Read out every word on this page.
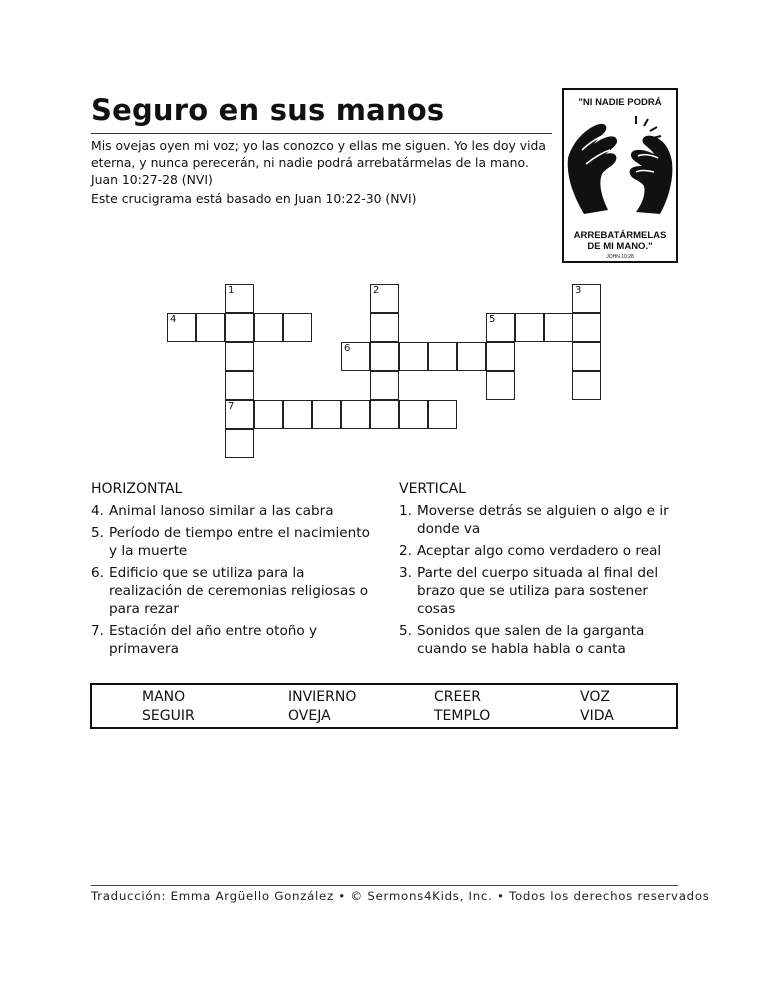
Seguro en sus manos

Mis ovejas oyen mi voz; yo las conozco y ellas me siguen. Yo les doy vida

eterna, y nunca perecerán, ni nadie podrá arrebatármelas de la mano.

Juan 10:27-28 (NVI)

Este crucigrama está basado en Juan 10:22-30 (NVI)

"NI NADIE PODRÁ
ARREBATÁRMELAS
DE MI MANO."
JOHN 10:28
1	2	3
4	5
6
7
HORIZONTAL
4. Animal lanoso similar a las cabra
5. Período de tiempo entre el nacimiento y la muerte
6. Edificio que se utiliza para la realización de ceremonias religiosas o para rezar
7. Estación del año entre otoño y primavera
VERTICAL
1. Moverse detrás se alguien o algo e ir donde va
2. Aceptar algo como verdadero o real
3. Parte del cuerpo situada al final del brazo que se utiliza para sostener cosas
5. Sonidos que salen de la garganta cuando se habla habla o canta
MANO	INVIERNO	CREER	VOZ
SEGUIR	OVEJA	TEMPLO	VIDA
Traducción: Emma Argüello González • © Sermons4Kids, Inc. • Todos los derechos reservados
